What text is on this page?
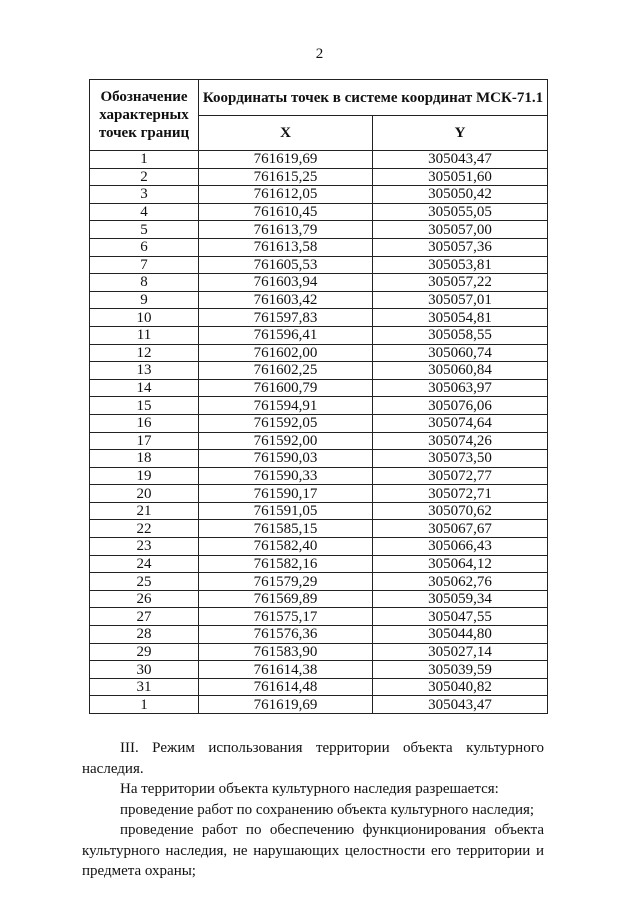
2
Обозначение характерных точек границ	Координаты точек в системе координат МСК-71.1	
	X	Y
1	761619,69	305043,47
2	761615,25	305051,60
3	761612,05	305050,42
4	761610,45	305055,05
5	761613,79	305057,00
6	761613,58	305057,36
7	761605,53	305053,81
8	761603,94	305057,22
9	761603,42	305057,01
10	761597,83	305054,81
11	761596,41	305058,55
12	761602,00	305060,74
13	761602,25	305060,84
14	761600,79	305063,97
15	761594,91	305076,06
16	761592,05	305074,64
17	761592,00	305074,26
18	761590,03	305073,50
19	761590,33	305072,77
20	761590,17	305072,71
21	761591,05	305070,62
22	761585,15	305067,67
23	761582,40	305066,43
24	761582,16	305064,12
25	761579,29	305062,76
26	761569,89	305059,34
27	761575,17	305047,55
28	761576,36	305044,80
29	761583,90	305027,14
30	761614,38	305039,59
31	761614,48	305040,82
1	761619,69	305043,47

III. Режим использования территории объекта культурного наследия.

На территории объекта культурного наследия разрешается:

проведение работ по сохранению объекта культурного наследия;

проведение работ по обеспечению функционирования объекта культурного наследия, не нарушающих целостности его территории и предмета охраны;
